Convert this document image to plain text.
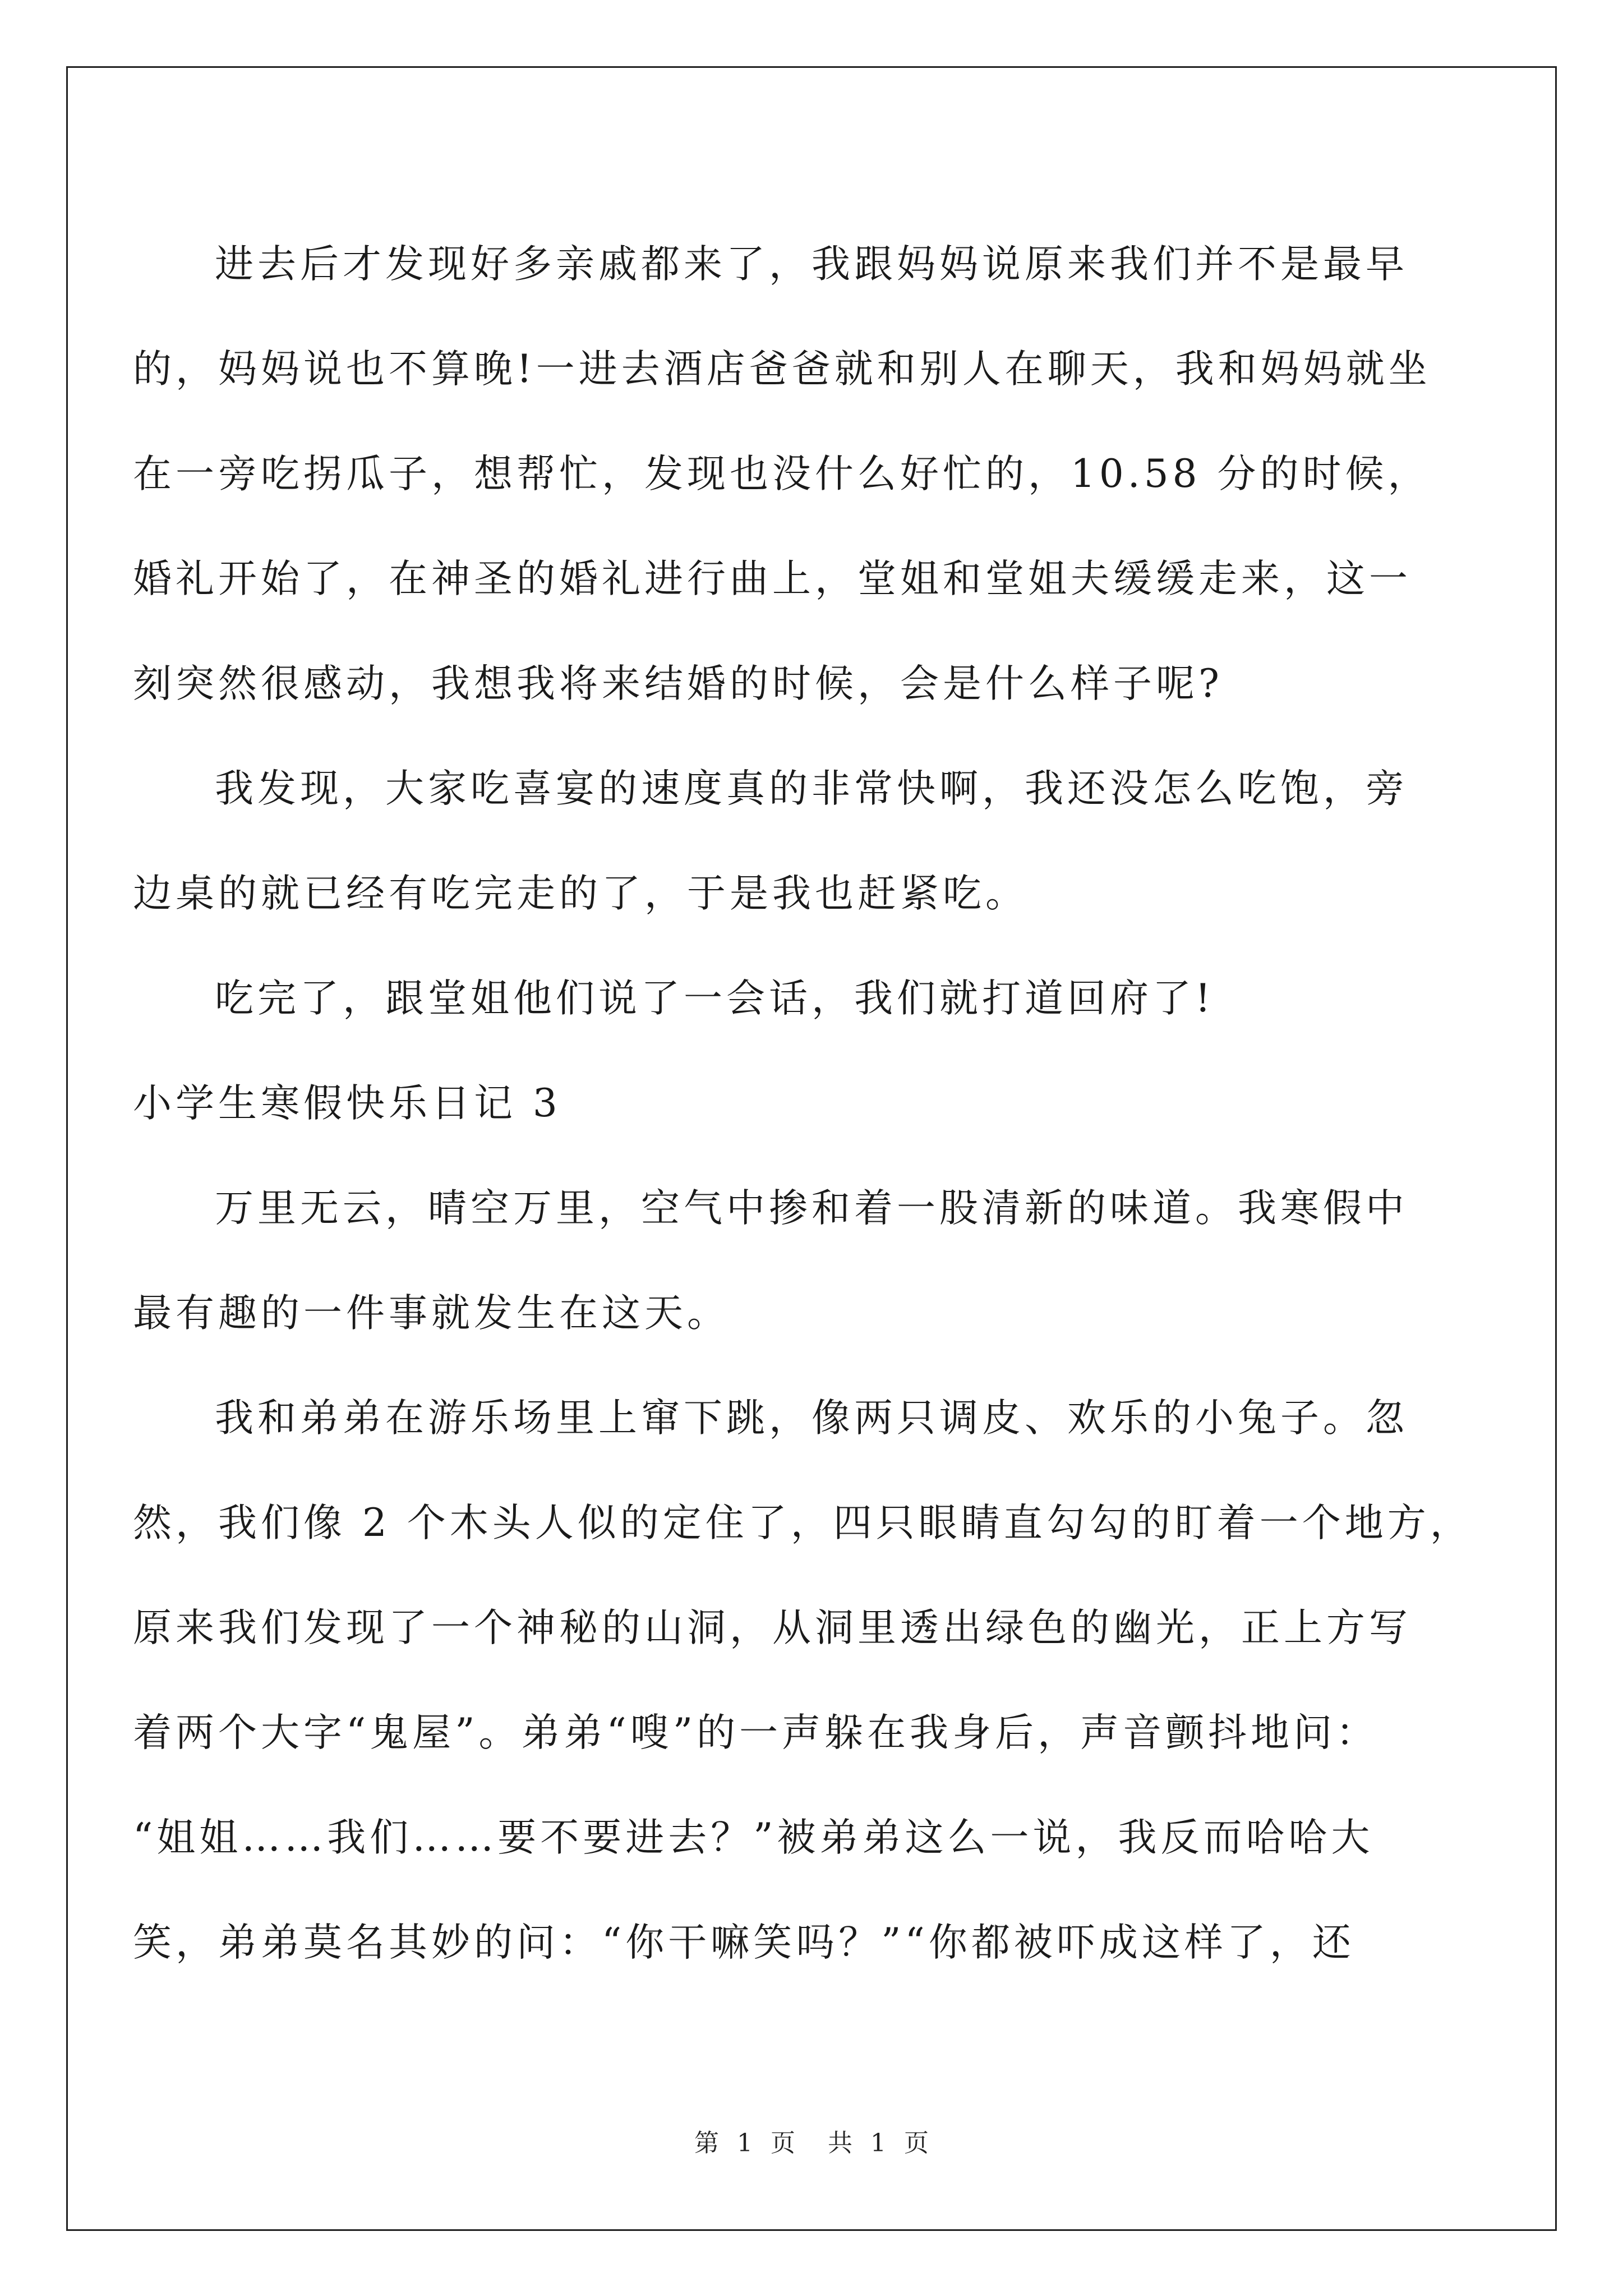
进去后才发现好多亲戚都来了，我跟妈妈说原来我们并不是最早
的，妈妈说也不算晚!一进去酒店爸爸就和别人在聊天，我和妈妈就坐
在一旁吃拐瓜子，想帮忙，发现也没什么好忙的，10.58 分的时候，
婚礼开始了，在神圣的婚礼进行曲上，堂姐和堂姐夫缓缓走来，这一
刻突然很感动，我想我将来结婚的时候，会是什么样子呢?
我发现，大家吃喜宴的速度真的非常快啊，我还没怎么吃饱，旁
边桌的就已经有吃完走的了，于是我也赶紧吃。
吃完了，跟堂姐他们说了一会话，我们就打道回府了!
小学生寒假快乐日记 3
万里无云，晴空万里，空气中掺和着一股清新的味道。我寒假中
最有趣的一件事就发生在这天。
我和弟弟在游乐场里上窜下跳，像两只调皮、欢乐的小兔子。忽
然，我们像 2 个木头人似的定住了，四只眼睛直勾勾的盯着一个地方，
原来我们发现了一个神秘的山洞，从洞里透出绿色的幽光，正上方写
着两个大字“鬼屋”。弟弟“嗖”的一声躲在我身后，声音颤抖地问：
“姐姐……我们……要不要进去？”被弟弟这么一说，我反而哈哈大
笑，弟弟莫名其妙的问：“你干嘛笑吗？”“你都被吓成这样了，还
第 1 页 共 1 页
